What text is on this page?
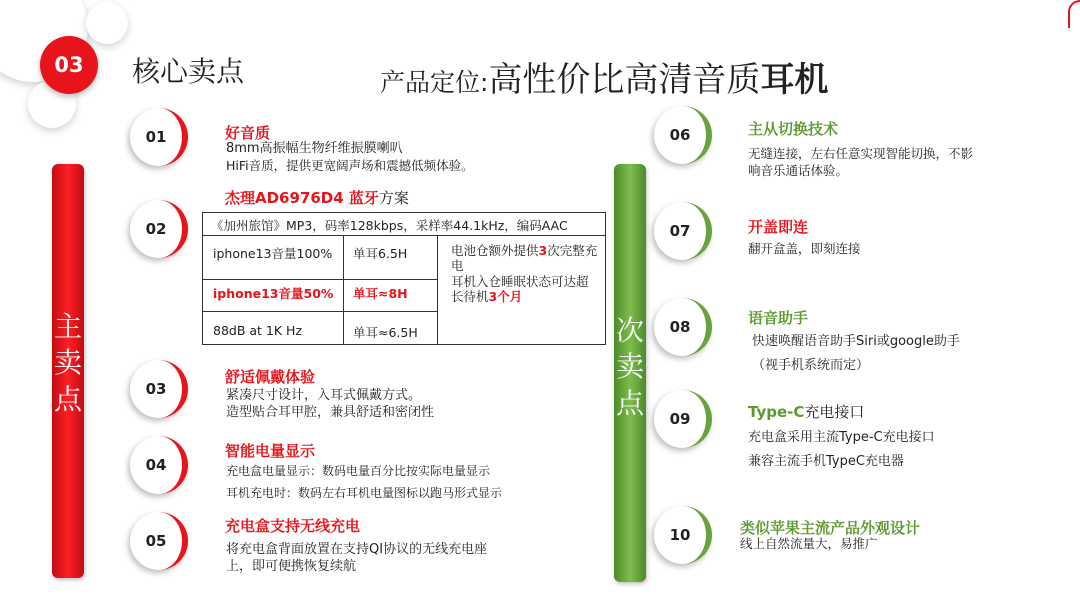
03	核心卖点	产品定位:高性价比高清音质耳机
主
卖
点
次
卖
点
01	好音质
8mm高振幅生物纤维振膜喇叭
HiFi音质，提供更宽阔声场和震撼低频体验。
02
杰理AD6976D4 蓝牙方案
《加州旅馆》MP3，码率128kbps，采样率44.1kHz，编码AAC
iphone13音量100% 单耳6.5H
iphone13音量50% 单耳≈8H
88dB at 1K Hz	单耳≈6.5H
电池仓额外提供3次完整充
电
耳机入仓睡眠状态可达超
长待机3个月
03
舒适佩戴体验
紧凑尺寸设计，入耳式佩戴方式。
造型贴合耳甲腔，兼具舒适和密闭性
04
智能电量显示
充电盒电量显示：数码电量百分比按实际电量显示
耳机充电时：数码左右耳机电量图标以跑马形式显示
05
充电盒支持无线充电
将充电盒背面放置在支持QI协议的无线充电座
上，即可便携恢复续航
06	主从切换技术
无缝连接，左右任意实现智能切换，不影
响音乐通话体验。
07	开盖即连
翻开盒盖，即刻连接
08	语音助手
快速唤醒语音助手Siri或google助手
（视手机系统而定）
09	Type-C充电接口
充电盒采用主流Type-C充电接口
兼容主流手机TypeC充电器
10	类似苹果主流产品外观设计
线上自然流量大，易推广
